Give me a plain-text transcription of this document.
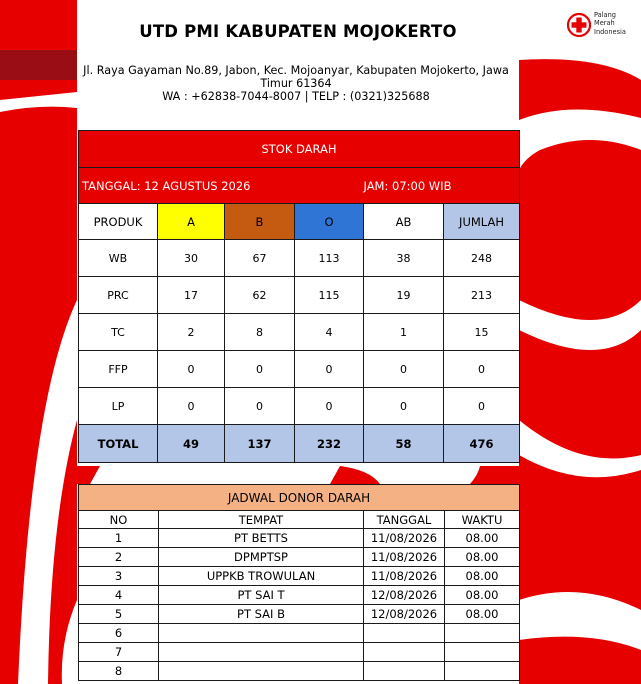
UTD PMI KABUPATEN MOJOKERTO
Palang
Merah
Indonesia
Jl. Raya Gayaman No.89, Jabon, Kec. Mojoanyar, Kabupaten Mojokerto, Jawa Timur 61364
WA : +62838-7044-8007 | TELP : (0321)325688
STOK DARAH					
TANGGAL: 12 AGUSTUS 2026				JAM: 07:00 WIB	
PRODUK	A	B	O	AB	JUMLAH
WB	30	67	113	38	248
PRC	17	62	115	19	213
TC	2	8	4	1	15
FFP	0	0	0	0	0
LP	0	0	0	0	0
TOTAL	49	137	232	58	476
JADWAL DONOR DARAH			
NO	TEMPAT	TANGGAL	WAKTU
1	PT BETTS	11/08/2026	08.00
2	DPMPTSP	11/08/2026	08.00
3	UPPKB TROWULAN	11/08/2026	08.00
4	PT SAI T	12/08/2026	08.00
5	PT SAI B	12/08/2026	08.00
6			
7			
8			
